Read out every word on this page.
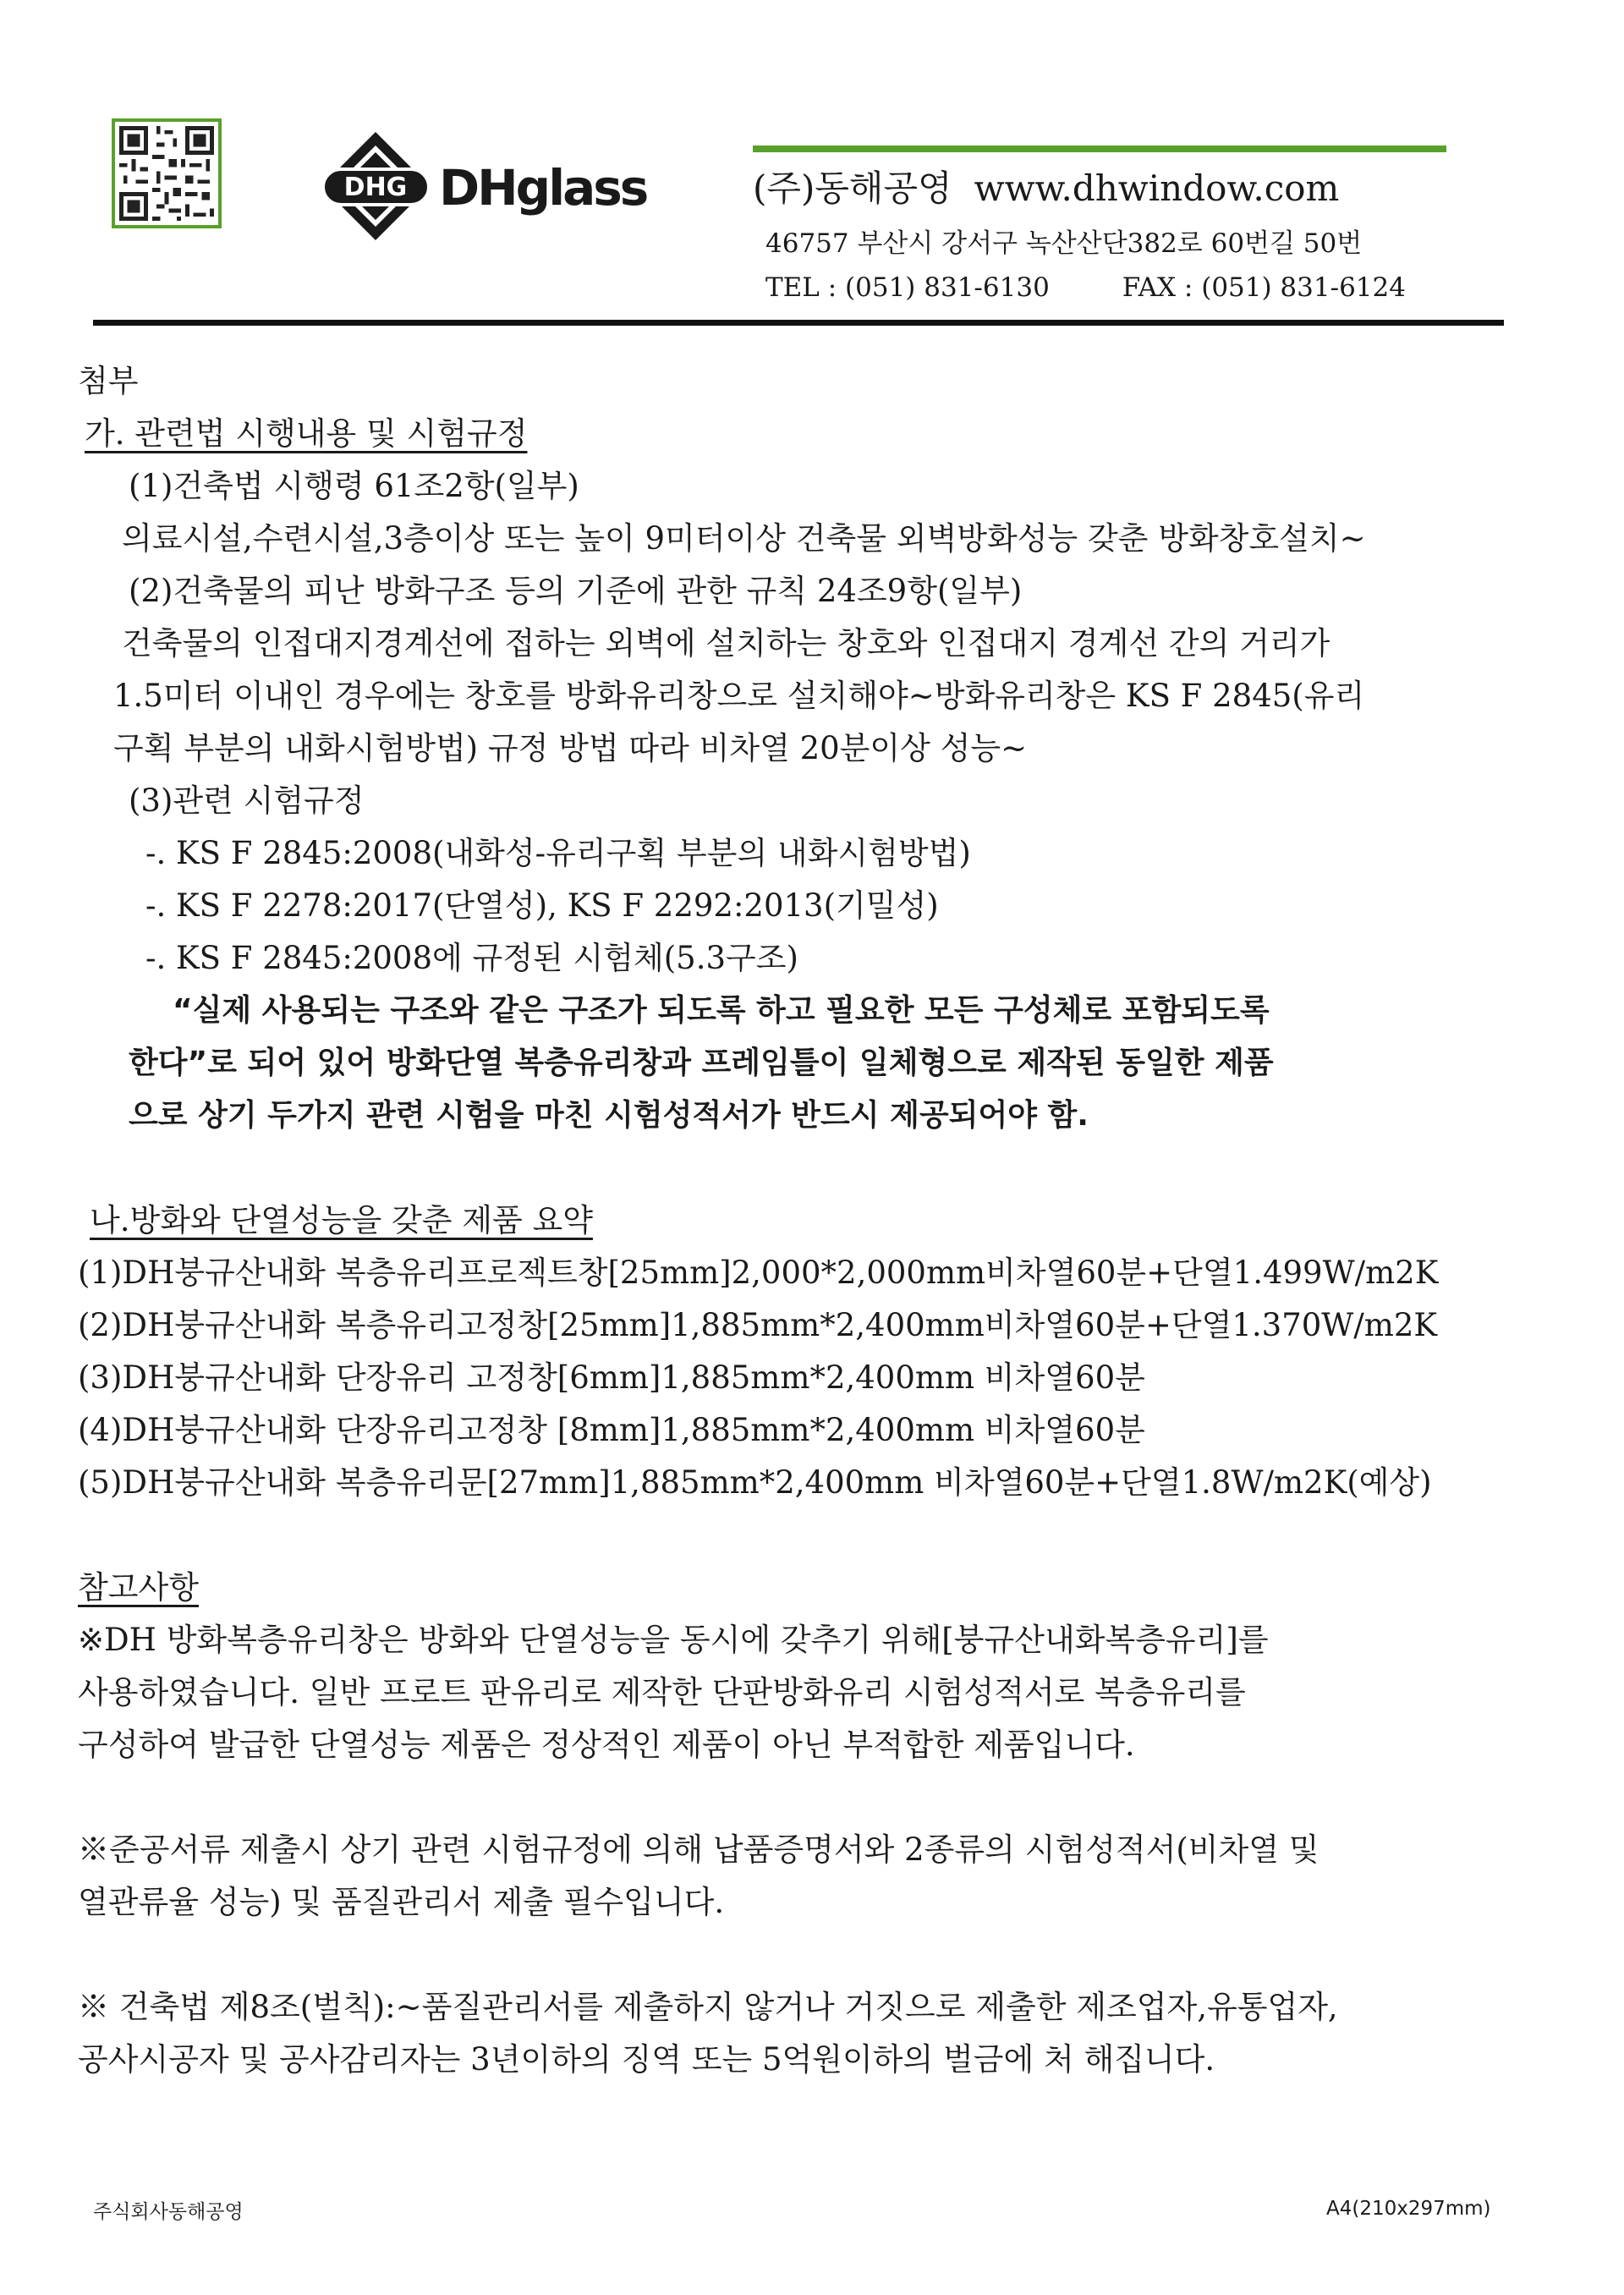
DHG DHglass	(주)동해공영 www.dhwindow.com
46757 부산시 강서구 녹산산단382로 60번길 50번
TEL : (051) 831-6130	FAX : (051) 831-6124
첨부
가. 관련법 시행내용 및 시험규정
(1)건축법 시행령 61조2항(일부)
의료시설,수련시설,3층이상 또는 높이 9미터이상 건축물 외벽방화성능 갖춘 방화창호설치~
(2)건축물의 피난 방화구조 등의 기준에 관한 규칙 24조9항(일부)
건축물의 인접대지경계선에 접하는 외벽에 설치하는 창호와 인접대지 경계선 간의 거리가
1.5미터 이내인 경우에는 창호를 방화유리창으로 설치해야~방화유리창은 KS F 2845(유리
구획 부분의 내화시험방법) 규정 방법 따라 비차열 20분이상 성능~
(3)관련 시험규정
-. KS F 2845:2008(내화성-유리구획 부분의 내화시험방법)
-. KS F 2278:2017(단열성), KS F 2292:2013(기밀성)
-. KS F 2845:2008에 규정된 시험체(5.3구조)
“실제 사용되는 구조와 같은 구조가 되도록 하고 필요한 모든 구성체로 포함되도록
한다”로 되어 있어 방화단열 복층유리창과 프레임틀이 일체형으로 제작된 동일한 제품
으로 상기 두가지 관련 시험을 마친 시험성적서가 반드시 제공되어야 함.
나.방화와 단열성능을 갖춘 제품 요약
(1)DH붕규산내화 복층유리프로젝트창[25mm]2,000*2,000mm비차열60분+단열1.499W/m2K
(2)DH붕규산내화 복층유리고정창[25mm]1,885mm*2,400mm비차열60분+단열1.370W/m2K
(3)DH붕규산내화 단장유리 고정창[6mm]1,885mm*2,400mm 비차열60분
(4)DH붕규산내화 단장유리고정창 [8mm]1,885mm*2,400mm 비차열60분
(5)DH붕규산내화 복층유리문[27mm]1,885mm*2,400mm 비차열60분+단열1.8W/m2K(예상)
참고사항
※DH 방화복층유리창은 방화와 단열성능을 동시에 갖추기 위해[붕규산내화복층유리]를
사용하였습니다. 일반 프로트 판유리로 제작한 단판방화유리 시험성적서로 복층유리를
구성하여 발급한 단열성능 제품은 정상적인 제품이 아닌 부적합한 제품입니다.
※준공서류 제출시 상기 관련 시험규정에 의해 납품증명서와 2종류의 시험성적서(비차열 및
열관류율 성능) 및 품질관리서 제출 필수입니다.
※ 건축법 제8조(벌칙):~품질관리서를 제출하지 않거나 거짓으로 제출한 제조업자,유통업자,
공사시공자 및 공사감리자는 3년이하의 징역 또는 5억원이하의 벌금에 처 해집니다.
주식회사동해공영	A4(210x297mm)
